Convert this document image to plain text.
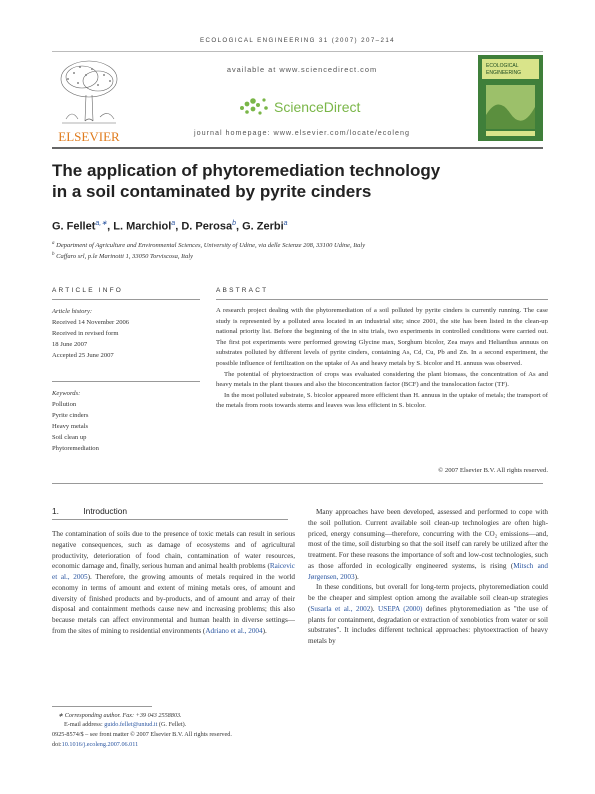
ECOLOGICAL ENGINEERING 31 (2007) 207–214
ELSEVIER
ECOLOGICAL
ENGINEERING
available at www.sciencedirect.com
ScienceDirect
journal homepage: www.elsevier.com/locate/ecoleng
The application of phytoremediation technology
in a soil contaminated by pyrite cinders
G. Fellet$^{a,∗}$, L. Marchiol$^a$, D. Perosa$^b$, G. Zerbi$^a$
$^a$ Department of Agriculture and Environmental Sciences, University of Udine, via delle Scienze 208, 33100 Udine, Italy
$^b$ Caffaro srl, p.le Marinotti 1, 33050 Torviscosa, Italy
ARTICLE INFO
Article history:
Received 14 November 2006
Received in revised form
18 June 2007
Accepted 25 June 2007
Keywords:
Pollution
Pyrite cinders
Heavy metals
Soil clean up
Phytoremediation
ABSTRACT

A research project dealing with the phytoremediation of a soil polluted by pyrite cinders is currently running. The case study is represented by a polluted area located in an industrial site; since 2001, the site has been listed in the clean-up national priority list. Before the beginning of the in situ trials, two experiments in controlled conditions were carried out. The first pot experiments were performed growing Glycine max, Sorghum bicolor, Zea mays and Helianthus annuus on substrates polluted by different levels of pyrite cinders, containing As, Cd, Cu, Pb and Zn. In a second experiment, the possible influence of fertilization on the uptake of As and heavy metals by S. bicolor and H. annuus was observed.

The potential of phytoextraction of crops was evaluated considering the plant biomass, the concentration of As and heavy metals in the plant tissues and also the bioconcentration factor (BCF) and the translocation factor (TF).

In the most polluted substrate, S. bicolor appeared more efficient than H. annuus in the uptake of metals; the transport of the metals from roots towards stems and leaves was less efficient in S. bicolor.

© 2007 Elsevier B.V. All rights reserved.
1.	Introduction

The contamination of soils due to the presence of toxic metals can result in serious negative consequences, such as damage of ecosystems and of agricultural productivity, deterioration of food chain, contamination of water resources, economic damage and, finally, serious human and animal health problems (Raicevic et al., 2005). Therefore, the growing amounts of metals required in the world economy in terms of amount and extent of mining metals ores, of amount and diversity of finished products and by-products, and of amount and array of their disposal and containment methods cause new and increasing problems; this also because metals can affect environmental and human health in diverse settings—from the sites of mining to residential environments (Adriano et al., 2004).

Many approaches have been developed, assessed and performed to cope with the soil pollution. Current available soil clean-up technologies are often high-priced, energy consuming—therefore, concurring with the CO₂ emissions—and, most of the time, soil disturbing so that the soil itself can rarely be utilized after the treatment. For these reasons the importance of soft and low-cost technologies, such as those afforded in ecologically engineered systems, is rising (Mitsch and Jørgensen, 2003).

In these conditions, but overall for long-term projects, phytoremediation could be the cheaper and simplest option among the available soil clean-up strategies (Susarla et al., 2002). USEPA (2000) defines phytoremediation as "the use of plants for containment, degradation or extraction of xenobiotics from water or soil substrates". It includes different technical approaches: phytoextraction of heavy metals by

∗ Corresponding author. Fax: +39 043 2558803.
E-mail address: guido.fellet@uniud.it (G. Fellet).
0925-8574/$ – see front matter © 2007 Elsevier B.V. All rights reserved.
doi:10.1016/j.ecoleng.2007.06.011
